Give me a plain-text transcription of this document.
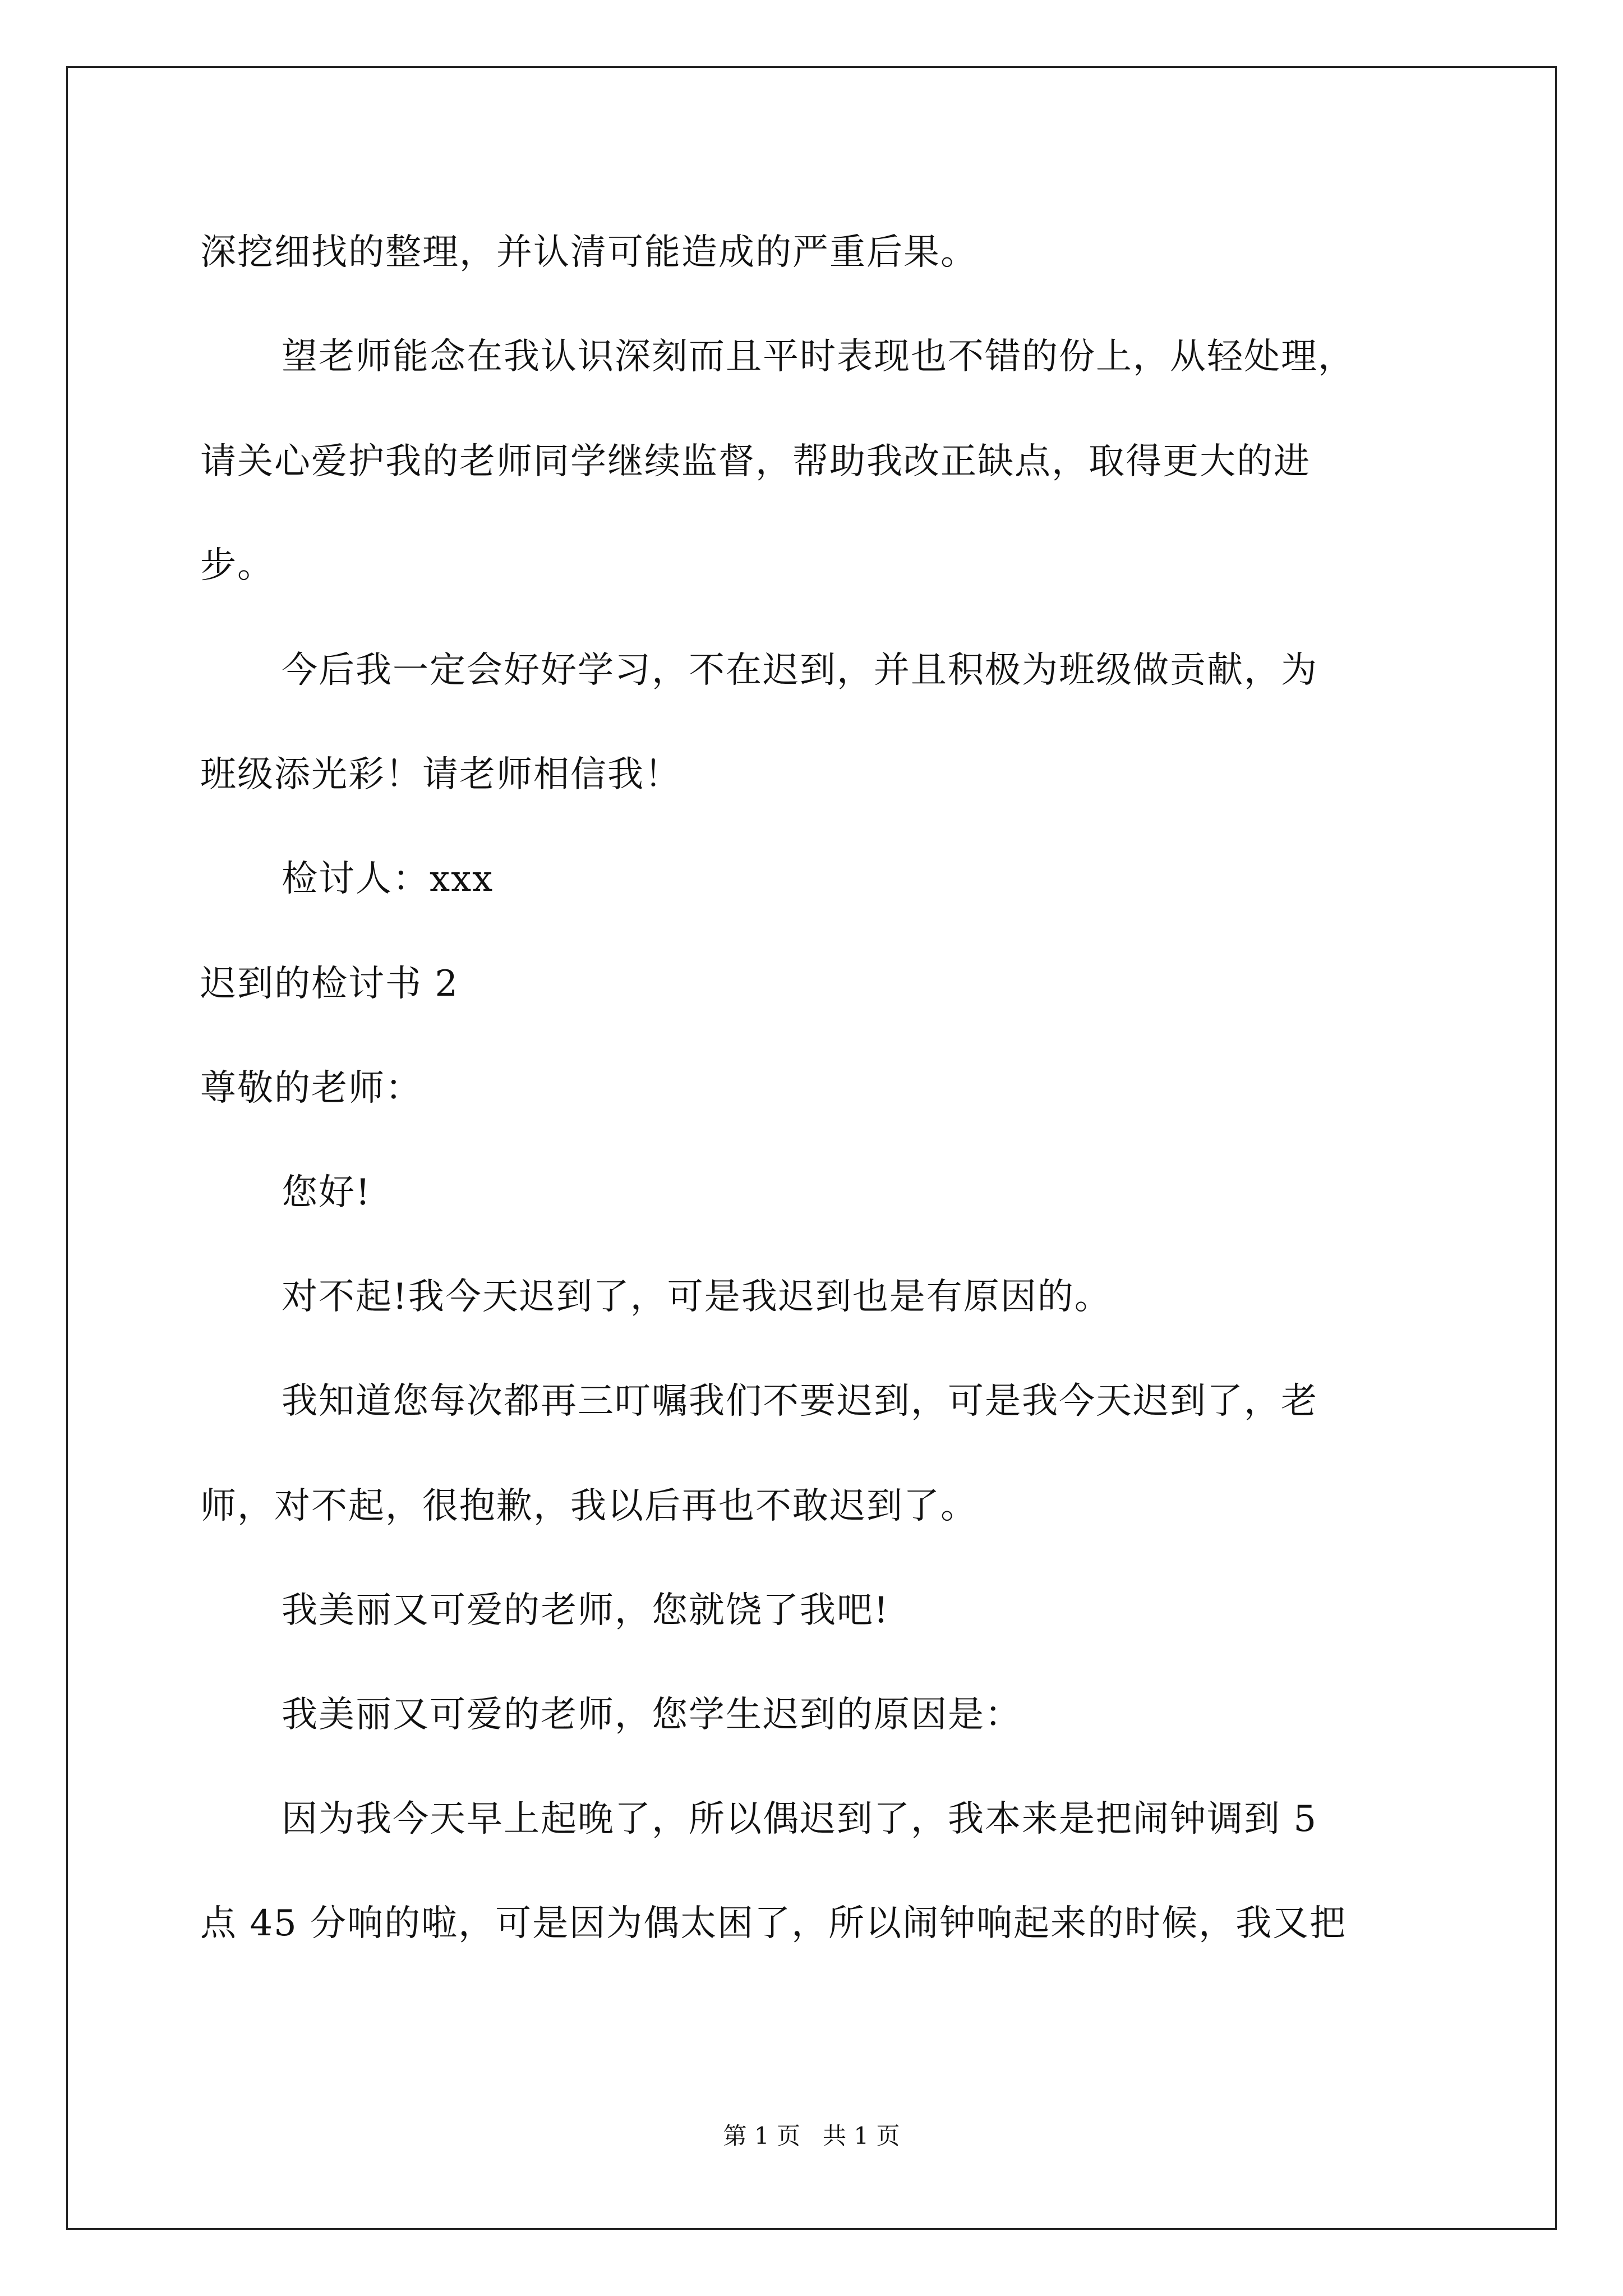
深挖细找的整理，并认清可能造成的严重后果。
望老师能念在我认识深刻而且平时表现也不错的份上，从轻处理，
请关心爱护我的老师同学继续监督，帮助我改正缺点，取得更大的进
步。
今后我一定会好好学习，不在迟到，并且积极为班级做贡献，为
班级添光彩！请老师相信我！
检讨人：xxx
迟到的检讨书 2
尊敬的老师：
您好!
对不起!我今天迟到了，可是我迟到也是有原因的。
我知道您每次都再三叮嘱我们不要迟到，可是我今天迟到了，老
师，对不起，很抱歉，我以后再也不敢迟到了。
我美丽又可爱的老师，您就饶了我吧!
我美丽又可爱的老师，您学生迟到的原因是：
因为我今天早上起晚了，所以偶迟到了，我本来是把闹钟调到 5
点 45 分响的啦，可是因为偶太困了，所以闹钟响起来的时候，我又把
第 1 页   共 1 页
